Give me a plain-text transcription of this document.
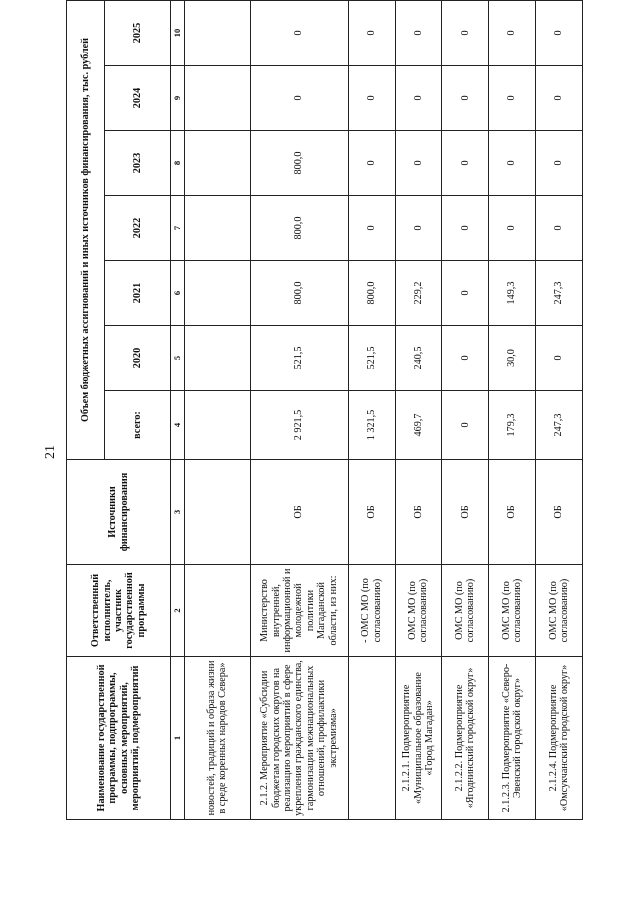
21
Наименование государственной программы, подпрограммы, основных мероприятий, мероприятий, подмероприятий	Ответственный исполнитель, участник государственной программы	Источники финансирования	Объем бюджетных ассигнований и иных источников финансирования, тыс. рублей						
			всего:	2020	2021	2022	2023	2024	2025
1	2	3	4	5	6	7	8	9	10
новостей, традиций и образа жизни в среде коренных народов Севера»									
2.1.2. Мероприятие «Субсидии бюджетам городских округов на реализацию мероприятий в сфере укрепления гражданского единства, гармонизации межнациональных отношений, профилактики экстремизма»	Министерство внутренней, информационной и молодежной политики Магаданской области, из них:	ОБ	2 921,5	521,5	800,0	800,0	800,0	0	0
	- ОМС МО (по согласованию)	ОБ	1 321,5	521,5	800,0	0	0	0	0
2.1.2.1. Подмероприятие «Муниципальное образование «Город Магадан»	ОМС МО (по согласованию)	ОБ	469,7	240,5	229,2	0	0	0	0
2.1.2.2. Подмероприятие «Ягоднинский городской округ»	ОМС МО (по согласованию)	ОБ	0	0	0	0	0	0	0
2.1.2.3. Подмероприятие «Северо-Эвенский городской округ»	ОМС МО (по согласованию)	ОБ	179,3	30,0	149,3	0	0	0	0
2.1.2.4. Подмероприятие «Омсукчанский городской округ»	ОМС МО (по согласованию)	ОБ	247,3	0	247,3	0	0	0	0
